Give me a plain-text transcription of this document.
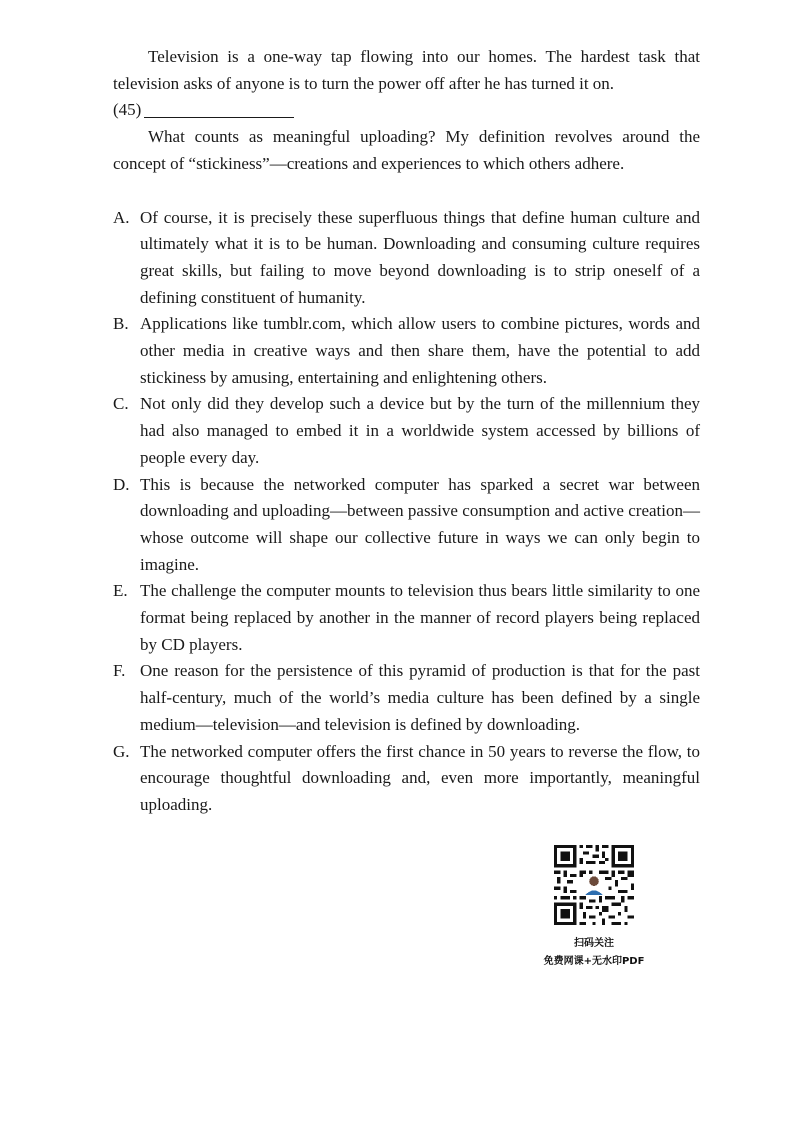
Television is a one-way tap flowing into our homes. The hardest task that television asks of anyone is to turn the power off after he has turned it on.

(45)

What counts as meaningful uploading? My definition revolves around the concept of “stickiness”—creations and experiences to which others adhere.

A. Of course, it is precisely these superfluous things that define human culture and ultimately what it is to be human. Downloading and consuming culture requires great skills, but failing to move beyond downloading is to strip oneself of a defining constituent of humanity.
B. Applications like tumblr.com, which allow users to combine pictures, words and other media in creative ways and then share them, have the potential to add stickiness by amusing, entertaining and enlightening others.
C. Not only did they develop such a device but by the turn of the millennium they had also managed to embed it in a worldwide system accessed by billions of people every day.
D. This is because the networked computer has sparked a secret war between downloading and uploading—between passive consumption and active creation—whose outcome will shape our collective future in ways we can only begin to imagine.
E. The challenge the computer mounts to television thus bears little similarity to one format being replaced by another in the manner of record players being replaced by CD players.
F. One reason for the persistence of this pyramid of production is that for the past half-century, much of the world’s media culture has been defined by a single medium—television—and television is defined by downloading.
G. The networked computer offers the first chance in 50 years to reverse the flow, to encourage thoughtful downloading and, even more importantly, meaningful uploading.
扫码关注
免费网课+无水印PDF
